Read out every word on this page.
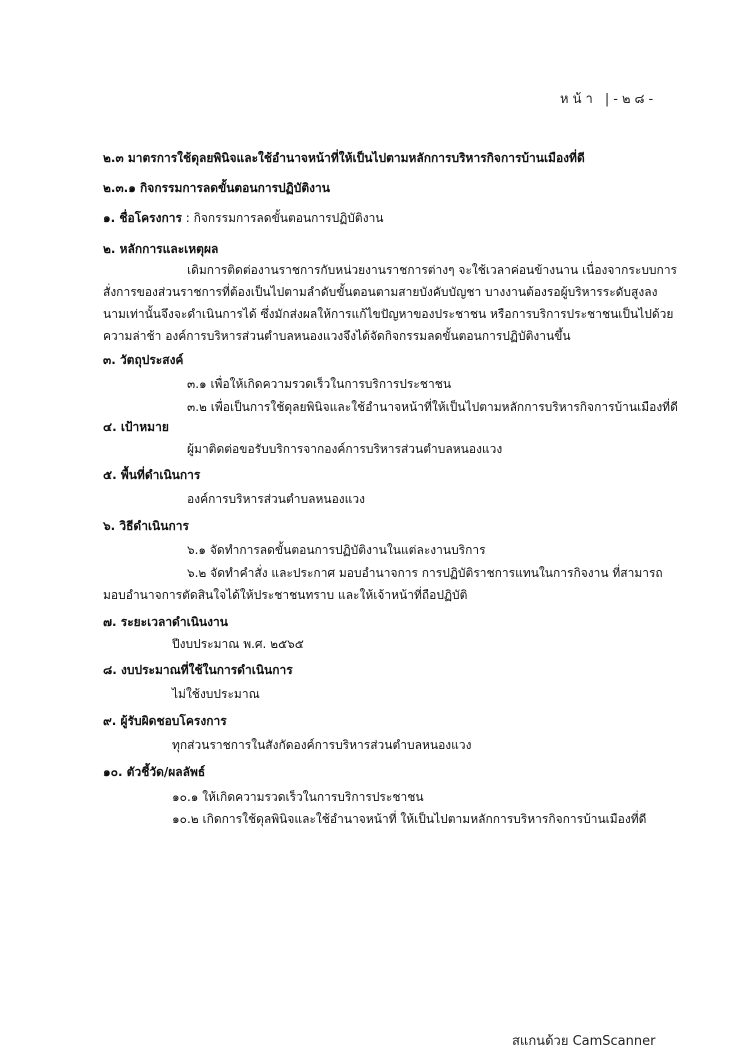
หน้า |-๒๘-
๒.๓ มาตรการใช้ดุลยพินิจและใช้อำนาจหน้าที่ให้เป็นไปตามหลักการบริหารกิจการบ้านเมืองที่ดี
๒.๓.๑ กิจกรรมการลดขั้นตอนการปฏิบัติงาน
๑. ชื่อโครงการ : กิจกรรมการลดขั้นตอนการปฏิบัติงาน
๒. หลักการและเหตุผล
เดิมการติดต่องานราชการกับหน่วยงานราชการต่างๆ จะใช้เวลาค่อนข้างนาน เนื่องจากระบบการ
สั่งการของส่วนราชการที่ต้องเป็นไปตามลำดับขั้นตอนตามสายบังคับบัญชา บางงานต้องรอผู้บริหารระดับสูงลง
นามเท่านั้นจึงจะดำเนินการได้ ซึ่งมักส่งผลให้การแก้ไขปัญหาของประชาชน หรือการบริการประชาชนเป็นไปด้วย
ความล่าช้า องค์การบริหารส่วนตำบลหนองแวงจึงได้จัดกิจกรรมลดขั้นตอนการปฏิบัติงานขึ้น
๓. วัตถุประสงค์
๓.๑ เพื่อให้เกิดความรวดเร็วในการบริการประชาชน
๓.๒ เพื่อเป็นการใช้ดุลยพินิจและใช้อำนาจหน้าที่ให้เป็นไปตามหลักการบริหารกิจการบ้านเมืองที่ดี
๔. เป้าหมาย
ผู้มาติดต่อขอรับบริการจากองค์การบริหารส่วนตำบลหนองแวง
๕. พื้นที่ดำเนินการ
องค์การบริหารส่วนตำบลหนองแวง
๖. วิธีดำเนินการ
๖.๑ จัดทำการลดขั้นตอนการปฏิบัติงานในแต่ละงานบริการ
๖.๒ จัดทำคำสั่ง และประกาศ มอบอำนาจการ การปฏิบัติราชการแทนในการกิจงาน ที่สามารถ
มอบอำนาจการตัดสินใจได้ให้ประชาชนทราบ และให้เจ้าหน้าที่ถือปฏิบัติ
๗. ระยะเวลาดำเนินงาน
ปีงบประมาณ พ.ศ. ๒๕๖๕
๘. งบประมาณที่ใช้ในการดำเนินการ
ไม่ใช้งบประมาณ
๙. ผู้รับผิดชอบโครงการ
ทุกส่วนราชการในสังกัดองค์การบริหารส่วนตำบลหนองแวง
๑๐. ตัวชี้วัด/ผลลัพธ์
๑๐.๑ ให้เกิดความรวดเร็วในการบริการประชาชน
๑๐.๒ เกิดการใช้ดุลพินิจและใช้อำนาจหน้าที่ ให้เป็นไปตามหลักการบริหารกิจการบ้านเมืองที่ดี
สแกนด้วย CamScanner
